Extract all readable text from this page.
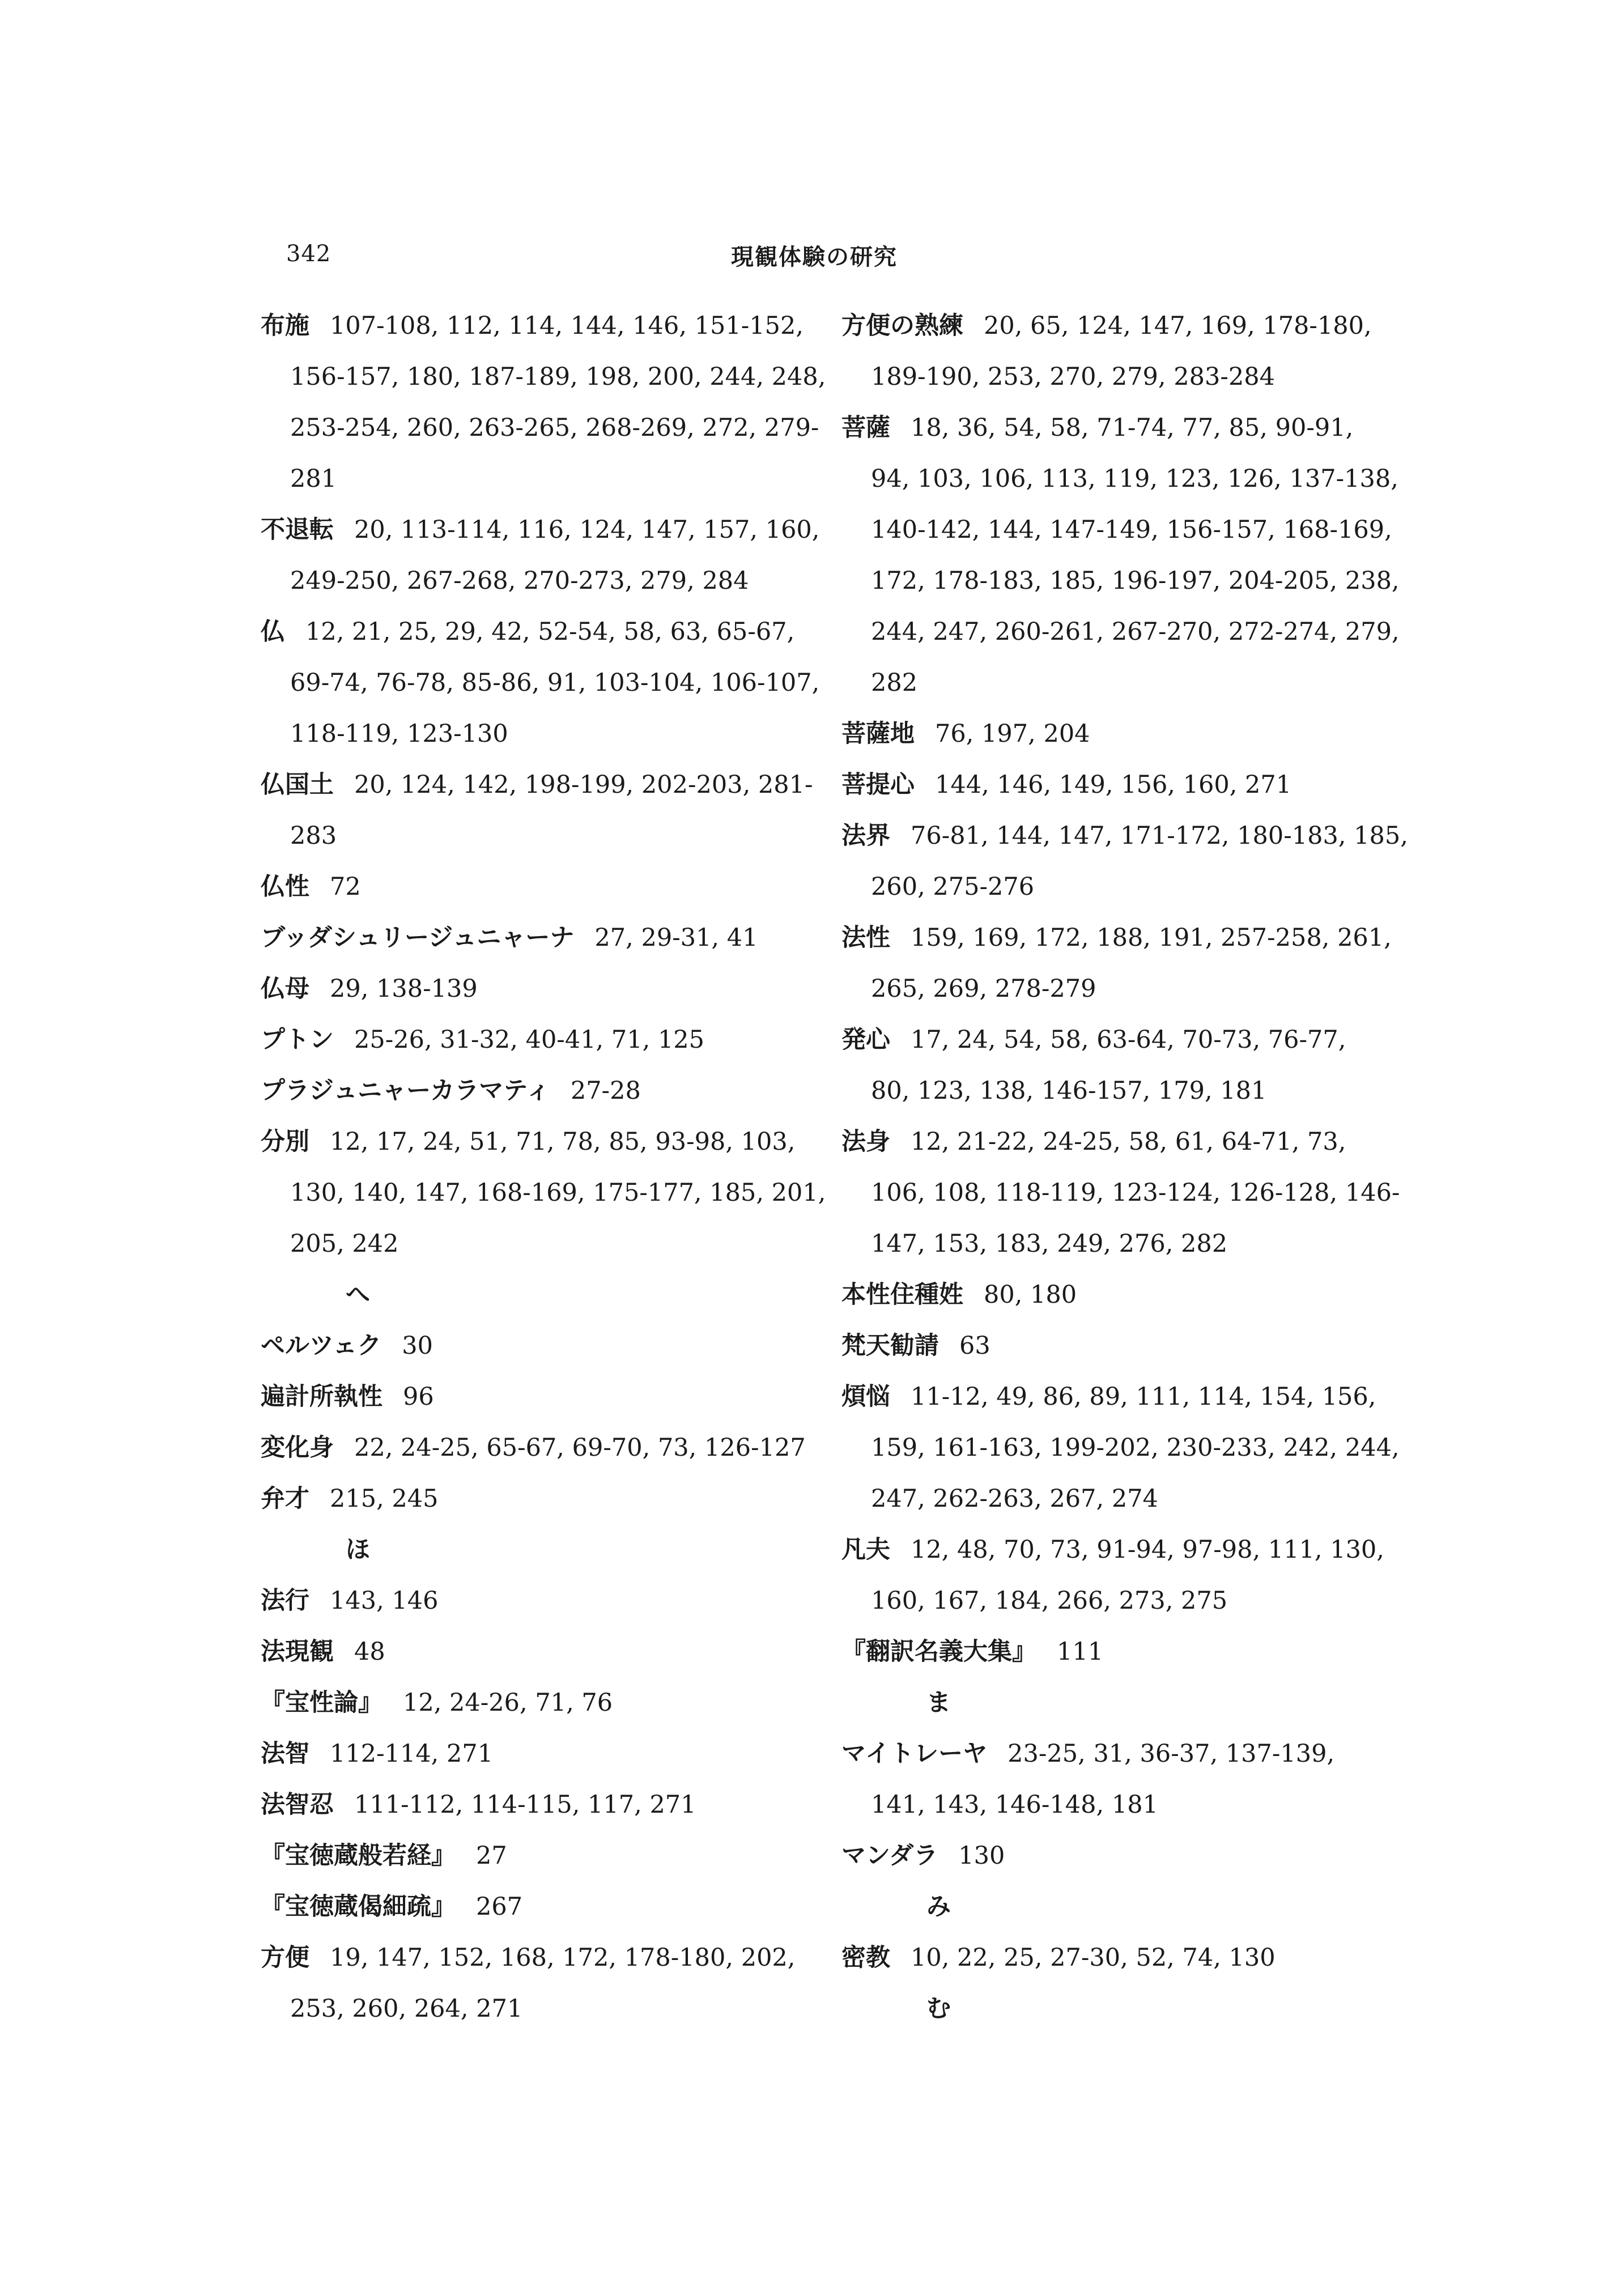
342	現観体験の研究
布施 107-108, 112, 114, 144, 146, 151-152,
156-157, 180, 187-189, 198, 200, 244, 248,
253-254, 260, 263-265, 268-269, 272, 279-
281
不退転 20, 113-114, 116, 124, 147, 157, 160,
249-250, 267-268, 270-273, 279, 284
仏 12, 21, 25, 29, 42, 52-54, 58, 63, 65-67,
69-74, 76-78, 85-86, 91, 103-104, 106-107,
118-119, 123-130
仏国土 20, 124, 142, 198-199, 202-203, 281-
283
仏性 72
ブッダシュリージュニャーナ 27, 29-31, 41
仏母 29, 138-139
プトン 25-26, 31-32, 40-41, 71, 125
プラジュニャーカラマティ 27-28
分別 12, 17, 24, 51, 71, 78, 85, 93-98, 103,
130, 140, 147, 168-169, 175-177, 185, 201,
205, 242
へ
ペルツェク 30
遍計所執性 96
変化身 22, 24-25, 65-67, 69-70, 73, 126-127
弁才 215, 245
ほ
法行 143, 146
法現観 48
『宝性論』 12, 24-26, 71, 76
法智 112-114, 271
法智忍 111-112, 114-115, 117, 271
『宝徳蔵般若経』 27
『宝徳蔵偈細疏』 267
方便 19, 147, 152, 168, 172, 178-180, 202,
253, 260, 264, 271
方便の熟練 20, 65, 124, 147, 169, 178-180,
189-190, 253, 270, 279, 283-284
菩薩 18, 36, 54, 58, 71-74, 77, 85, 90-91,
94, 103, 106, 113, 119, 123, 126, 137-138,
140-142, 144, 147-149, 156-157, 168-169,
172, 178-183, 185, 196-197, 204-205, 238,
244, 247, 260-261, 267-270, 272-274, 279,
282
菩薩地 76, 197, 204
菩提心 144, 146, 149, 156, 160, 271
法界 76-81, 144, 147, 171-172, 180-183, 185,
260, 275-276
法性 159, 169, 172, 188, 191, 257-258, 261,
265, 269, 278-279
発心 17, 24, 54, 58, 63-64, 70-73, 76-77,
80, 123, 138, 146-157, 179, 181
法身 12, 21-22, 24-25, 58, 61, 64-71, 73,
106, 108, 118-119, 123-124, 126-128, 146-
147, 153, 183, 249, 276, 282
本性住種姓 80, 180
梵天勧請 63
煩悩 11-12, 49, 86, 89, 111, 114, 154, 156,
159, 161-163, 199-202, 230-233, 242, 244,
247, 262-263, 267, 274
凡夫 12, 48, 70, 73, 91-94, 97-98, 111, 130,
160, 167, 184, 266, 273, 275
『翻訳名義大集』 111
ま
マイトレーヤ 23-25, 31, 36-37, 137-139,
141, 143, 146-148, 181
マンダラ 130
み
密教 10, 22, 25, 27-30, 52, 74, 130
む
